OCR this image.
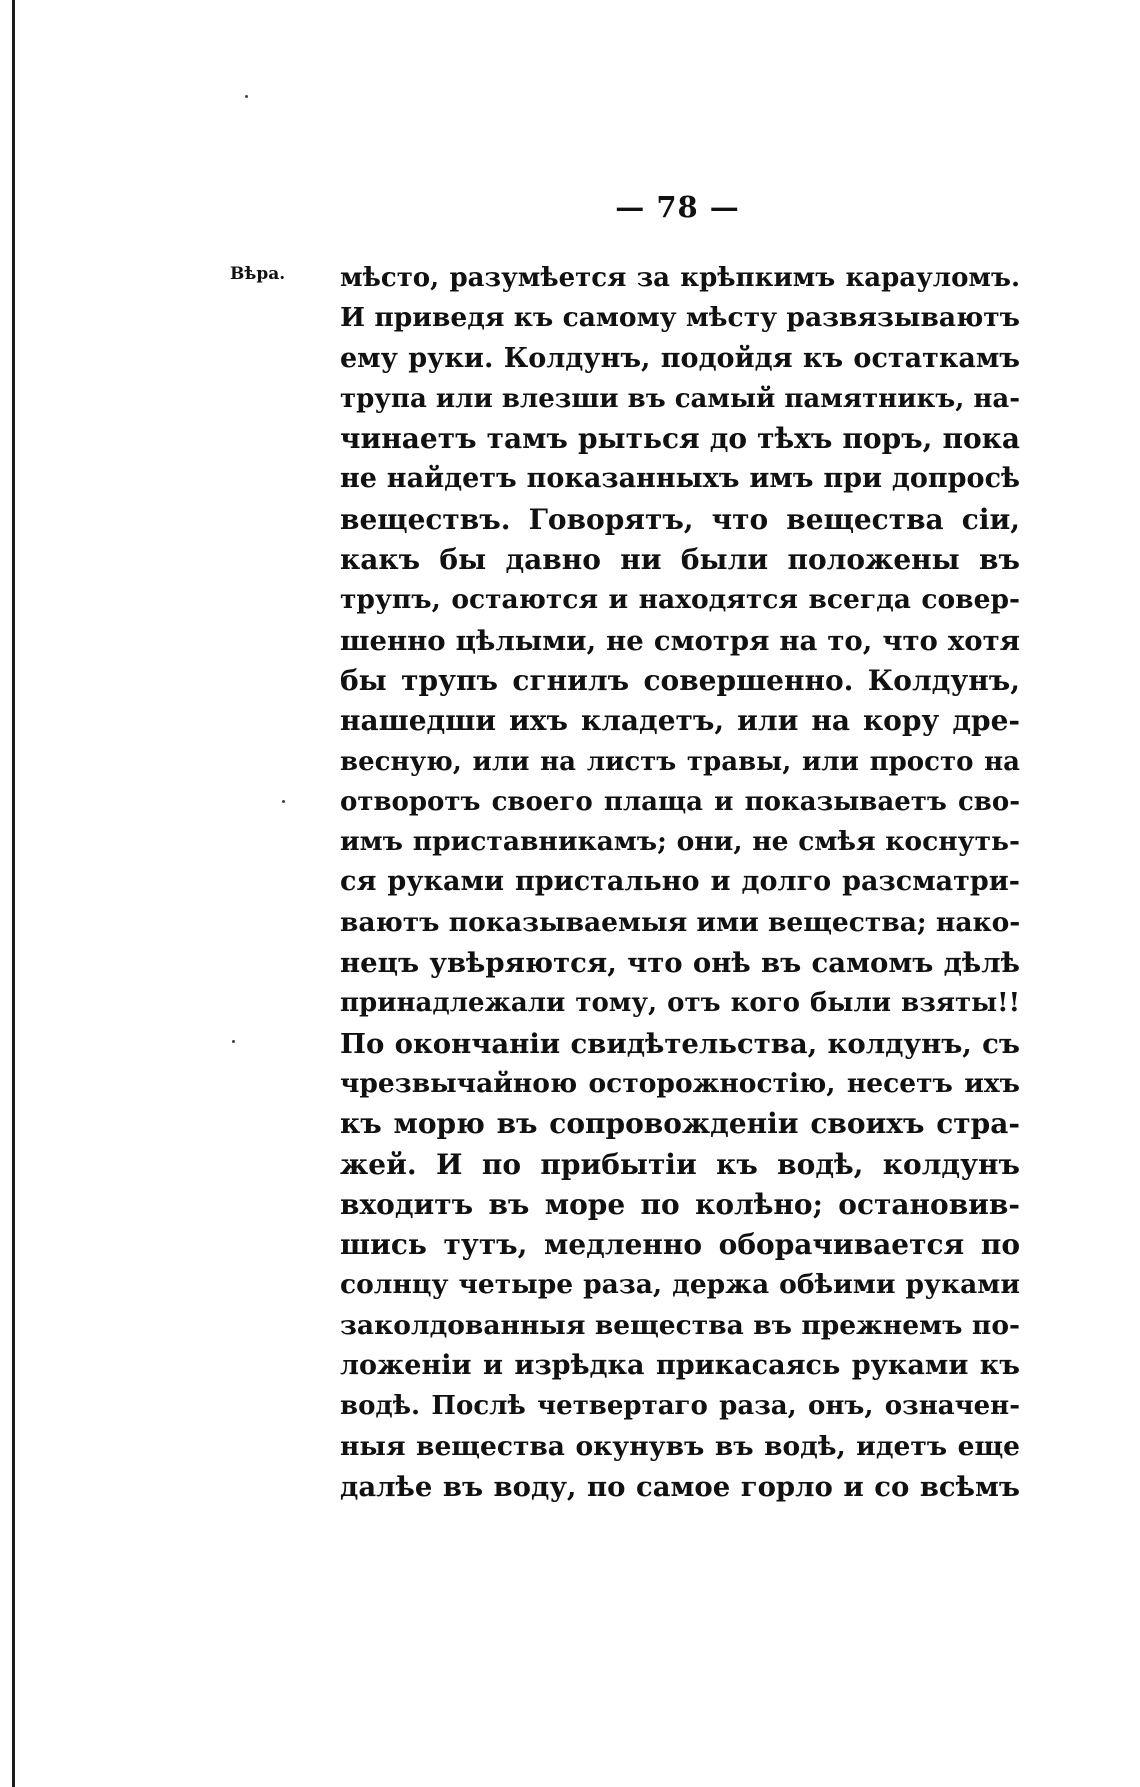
— 78 —
Вѣра. мѣсто, разумѣется за крѣпкимъ карауломъ.
И приведя къ самому мѣсту развязываютъ
ему руки. Колдунъ, подойдя къ остаткамъ
трупа или влезши въ самый памятникъ, на-
чинаетъ тамъ рыться до тѣхъ поръ, пока
не найдетъ показанныхъ имъ при допросѣ
веществъ. Говорятъ, что вещества сіи,
какъ бы давно ни были положены въ
трупъ, остаются и находятся всегда совер-
шенно цѣлыми, не смотря на то, что хотя
бы трупъ сгнилъ совершенно. Колдунъ,
нашедши ихъ кладетъ, или на кору дре-
весную, или на листъ травы, или просто на
отворотъ своего плаща и показываетъ сво-
имъ приставникамъ; они, не смѣя коснуть-
ся руками пристально и долго разсматри-
ваютъ показываемыя ими вещества; нако-
нецъ увѣряются, что онѣ въ самомъ дѣлѣ
принадлежали тому, отъ кого были взяты!!
По окончаніи свидѣтельства, колдунъ, съ
чрезвычайною осторожностію, несетъ ихъ
къ морю въ сопровожденіи своихъ стра-
жей. И по прибытіи къ водѣ, колдунъ
входитъ въ море по колѣно; остановив-
шись тутъ, медленно оборачивается по
солнцу четыре раза, держа обѣими руками
заколдованныя вещества въ прежнемъ по-
ложеніи и изрѣдка прикасаясь руками къ
водѣ. Послѣ четвертаго раза, онъ, означен-
ныя вещества окунувъ въ водѣ, идетъ еще
далѣе въ воду, по самое горло и со всѣмъ
